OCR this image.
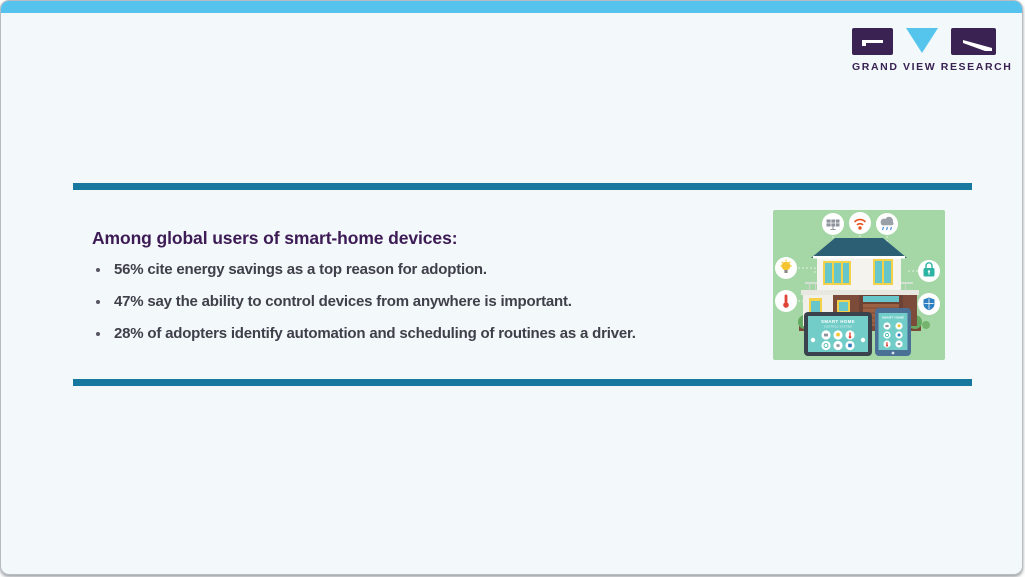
GRAND VIEW RESEARCH
Among global users of smart-home devices:
56% cite energy savings as a top reason for adoption.
47% say the ability to control devices from anywhere is important.
28% of adopters identify automation and scheduling of routines as a driver.
SMART HOME
CONTROL SYSTEM
SMART HOME
